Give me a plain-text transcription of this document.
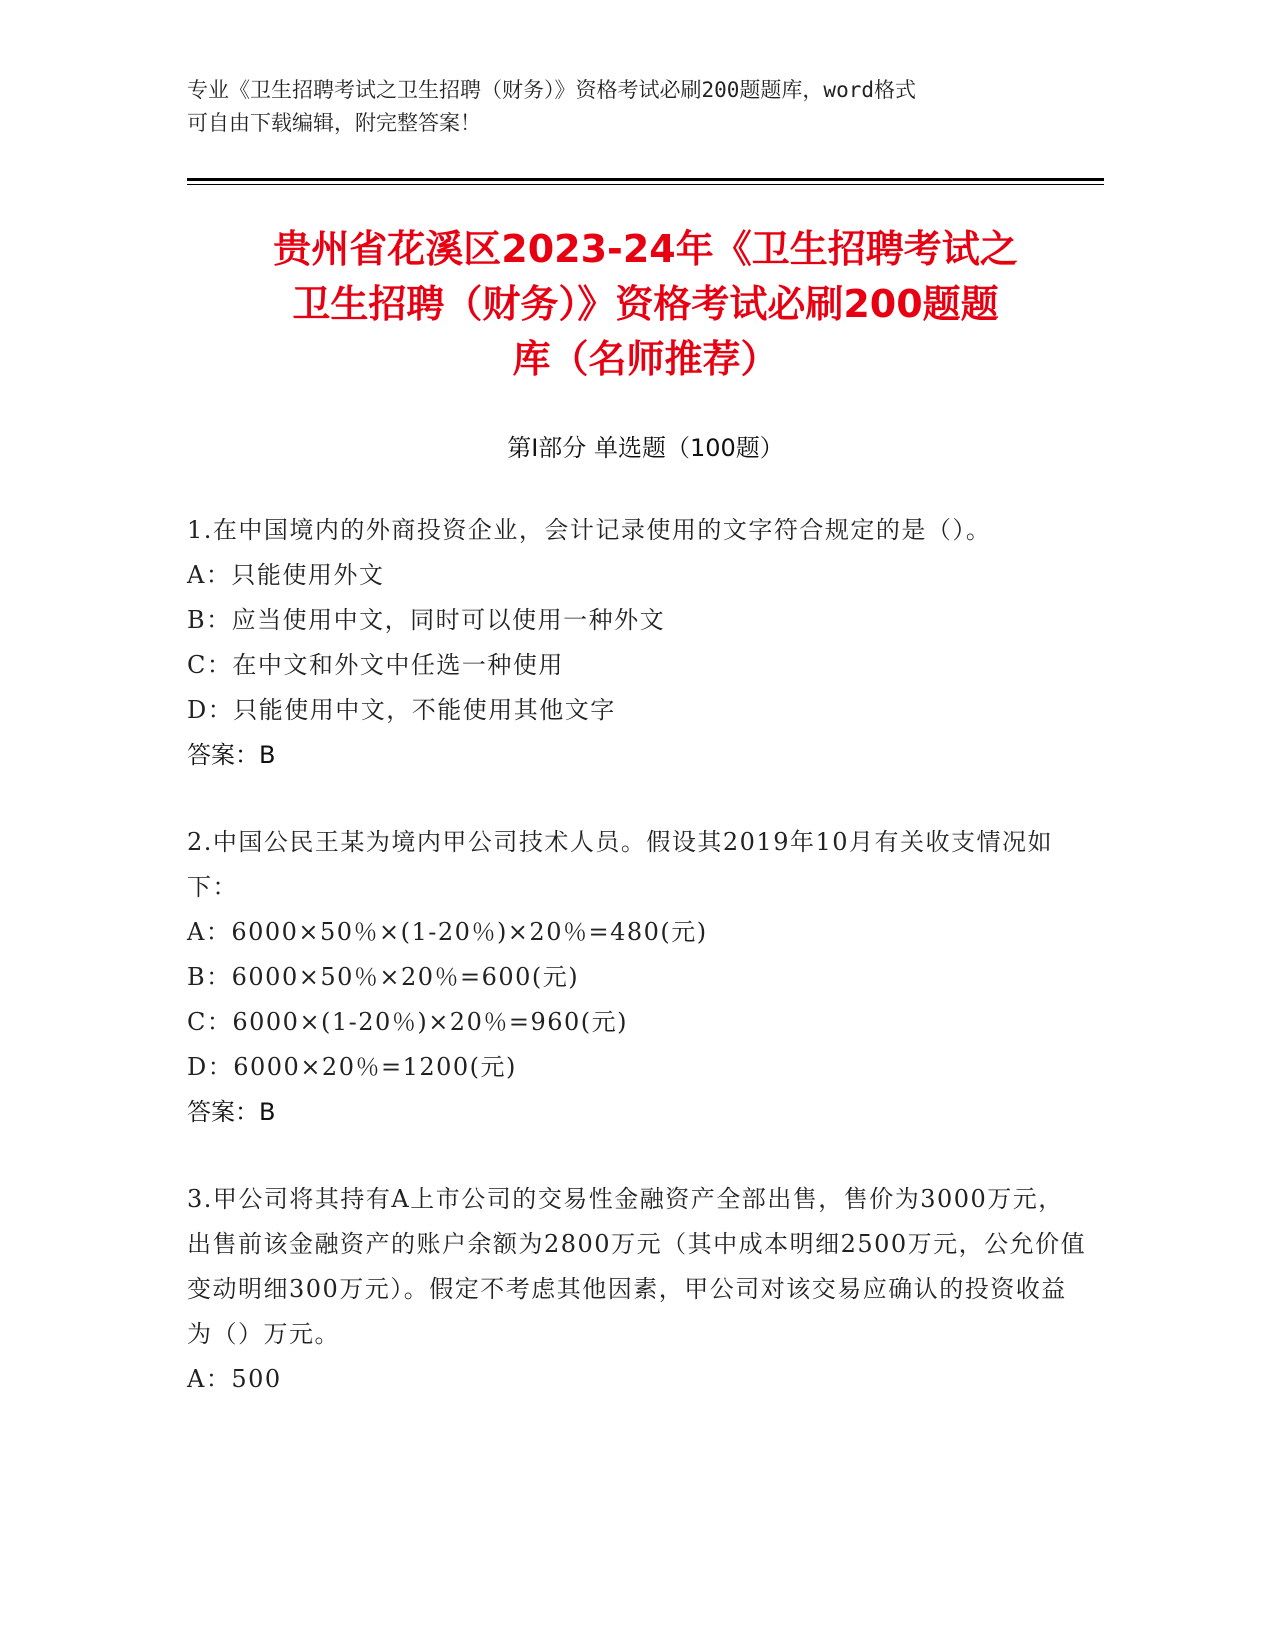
专业《卫生招聘考试之卫生招聘（财务）》资格考试必刷200题题库，word格式
可自由下载编辑，附完整答案！
贵州省花溪区2023-24年《卫生招聘考试之
卫生招聘（财务）》资格考试必刷200题题
库（名师推荐）
第Ⅰ部分 单选题（100题）
1.在中国境内的外商投资企业，会计记录使用的文字符合规定的是（）。
A：只能使用外文
B：应当使用中文，同时可以使用一种外文
C：在中文和外文中任选一种使用
D：只能使用中文，不能使用其他文字
答案：B
2.中国公民王某为境内甲公司技术人员。假设其2019年10月有关收支情况如下：
A：6000×50％×(1-20％)×20％=480(元)
B：6000×50％×20％=600(元)
C：6000×(1-20％)×20％=960(元)
D：6000×20％=1200(元)
答案：B
3.甲公司将其持有A上市公司的交易性金融资产全部出售，售价为3000万元，出售前该金融资产的账户余额为2800万元（其中成本明细2500万元，公允价值变动明细300万元）。假定不考虑其他因素，甲公司对该交易应确认的投资收益为（）万元。
A：500
